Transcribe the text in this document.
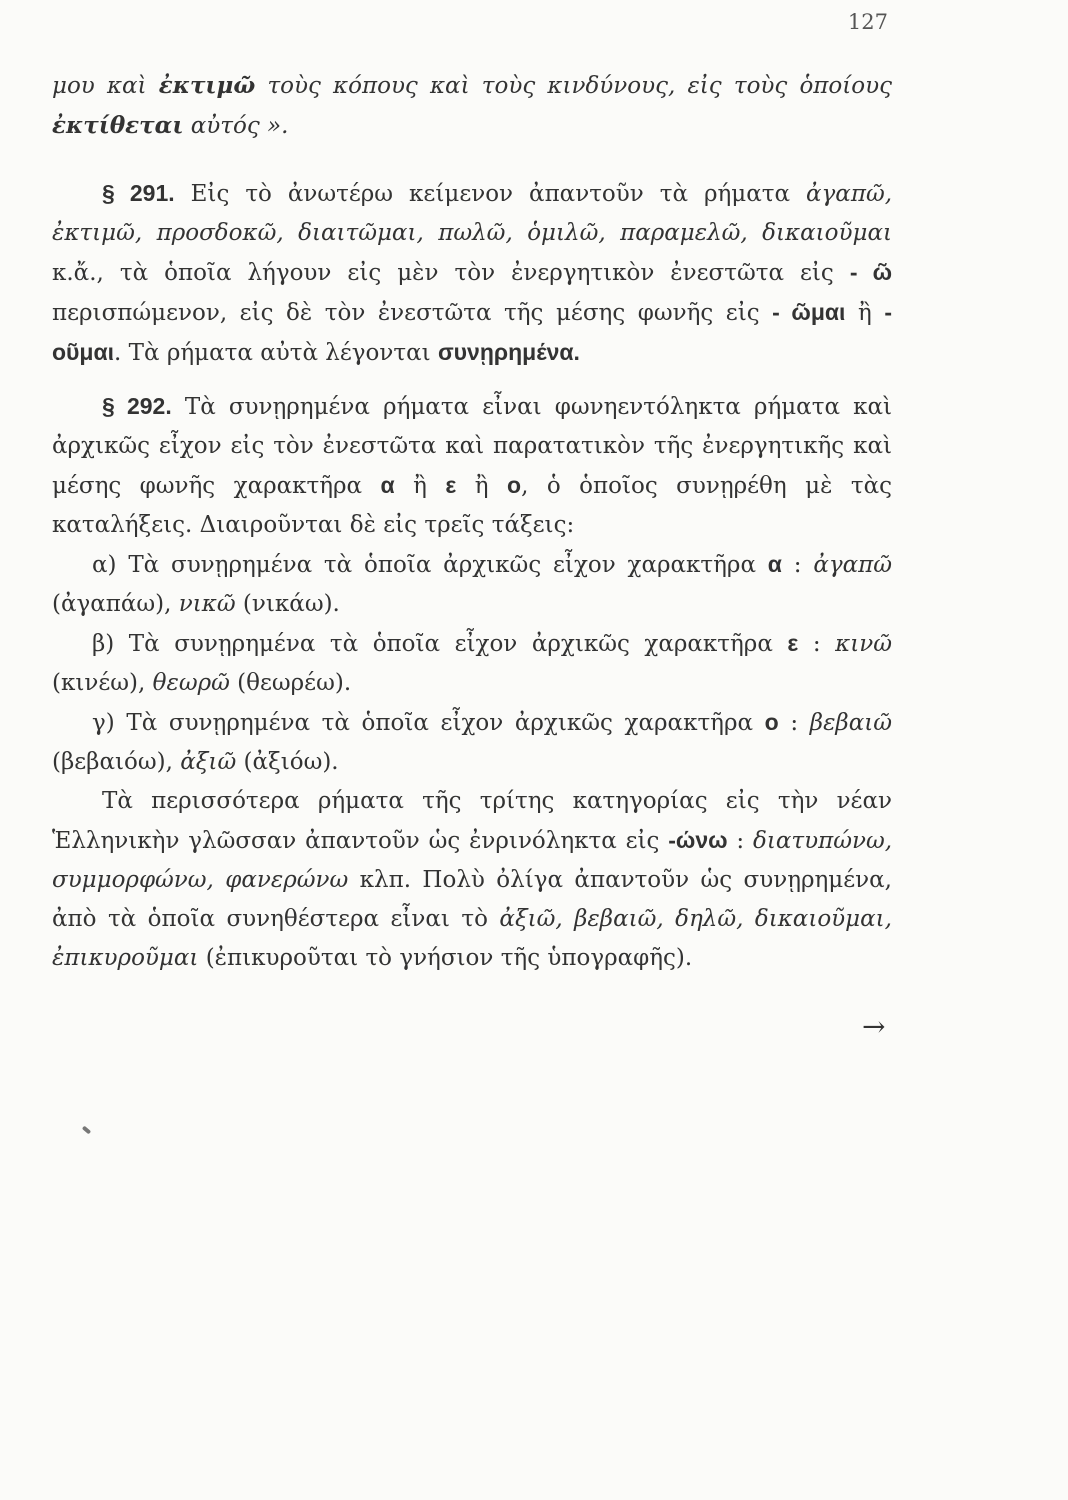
127

μου καὶ ἐκτιμῶ τοὺς κόπους καὶ τοὺς κινδύνους, εἰς τοὺς ὁποίους ἐκτίθεται αὐτός ».

§ 291. Εἰς τὸ ἀνωτέρω κείμενον ἀπαντοῦν τὰ ρήματα ἀγαπῶ, ἐκτιμῶ, προσδοκῶ, διαιτῶμαι, πωλῶ, ὁμιλῶ, παραμελῶ, δικαιοῦμαι κ.ἄ., τὰ ὁποῖα λήγουν εἰς μὲν τὸν ἐνεργητικὸν ἐνεστῶτα εἰς - ῶ περισπώμενον, εἰς δὲ τὸν ἐνεστῶτα τῆς μέσης φωνῆς εἰς - ῶμαι ἢ - οῦμαι. Τὰ ρήματα αὐτὰ λέγονται συνῃρημένα.

§ 292. Τὰ συνῃρημένα ρήματα εἶναι φωνηεντόληκτα ρήματα καὶ ἀρχικῶς εἶχον εἰς τὸν ἐνεστῶτα καὶ παρατατικὸν τῆς ἐνεργητικῆς καὶ μέσης φωνῆς χαρακτῆρα α ἢ ε ἢ ο, ὁ ὁποῖος συνῃρέθη μὲ τὰς καταλήξεις. Διαιροῦνται δὲ εἰς τρεῖς τάξεις:

α) Τὰ συνῃρημένα τὰ ὁποῖα ἀρχικῶς εἶχον χαρακτῆρα α : ἀγαπῶ (ἀγαπάω), νικῶ (νικάω).

β) Τὰ συνῃρημένα τὰ ὁποῖα εἶχον ἀρχικῶς χαρακτῆρα ε : κινῶ (κινέω), θεωρῶ (θεωρέω).

γ) Τὰ συνῃρημένα τὰ ὁποῖα εἶχον ἀρχικῶς χαρακτῆρα ο : βεβαιῶ (βεβαιόω), ἀξιῶ (ἀξιόω).

Τὰ περισσότερα ρήματα τῆς τρίτης κατηγορίας εἰς τὴν νέαν Ἑλληνικὴν γλῶσσαν ἀπαντοῦν ὡς ἐνρινόληκτα εἰς -ώνω : διατυπώνω, συμμορφώνω, φανερώνω κλπ. Πολὺ ὀλίγα ἀπαντοῦν ὡς συνῃρημένα, ἀπὸ τὰ ὁποῖα συνηθέστερα εἶναι τὸ ἀξιῶ, βεβαιῶ, δηλῶ, δικαιοῦμαι, ἐπικυροῦμαι (ἐπικυροῦται τὸ γνήσιον τῆς ὑπογραφῆς).

→
